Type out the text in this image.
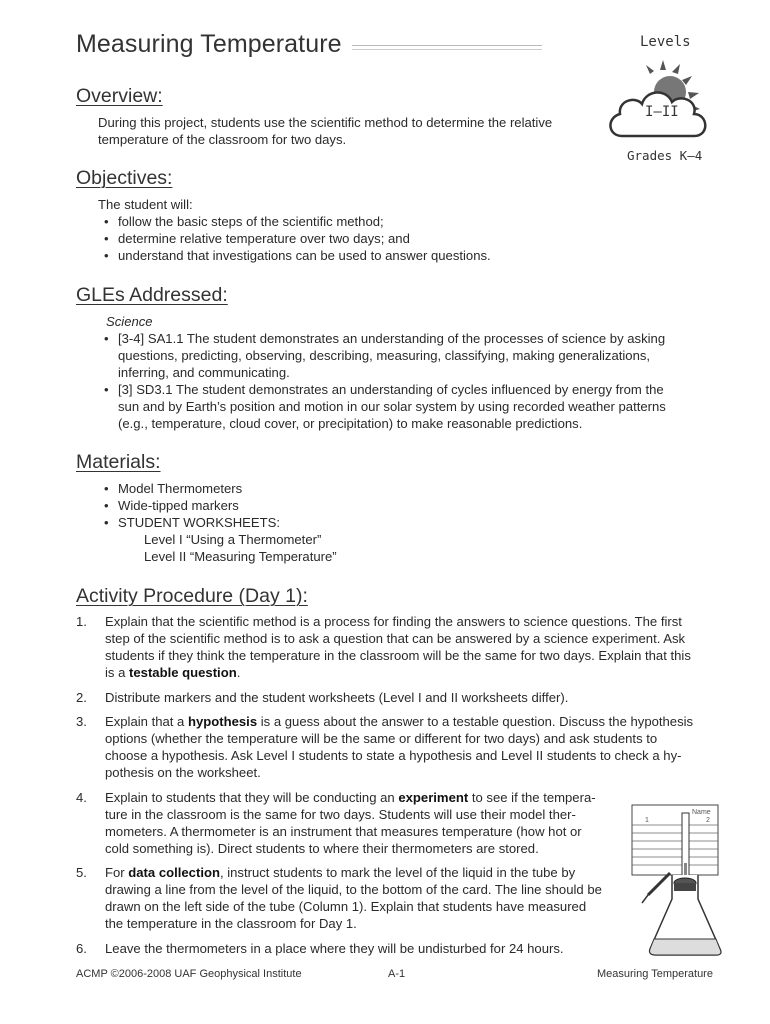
Measuring Temperature	Levels
I–II
Grades K–4
Overview:
During this project, students use the scientific method to determine the relative
temperature of the classroom for two days.
Objectives:
The student will:
• follow the basic steps of the scientific method;
• determine relative temperature over two days; and
• understand that investigations can be used to answer questions.
GLEs Addressed:
Science
• [3-4] SA1.1 The student demonstrates an understanding of the processes of science by asking
questions, predicting, observing, describing, measuring, classifying, making generalizations,
inferring, and communicating.
• [3] SD3.1 The student demonstrates an understanding of cycles influenced by energy from the
sun and by Earth’s position and motion in our solar system by using recorded weather patterns
(e.g., temperature, cloud cover, or precipitation) to make reasonable predictions.
Materials:
• Model Thermometers
• Wide-tipped markers
• STUDENT WORKSHEETS:
Level I “Using a Thermometer”
Level II “Measuring Temperature”
Activity Procedure (Day 1):
1. Explain that the scientific method is a process for finding the answers to science questions. The first
step of the scientific method is to ask a question that can be answered by a science experiment. Ask
students if they think the temperature in the classroom will be the same for two days. Explain that this
is a testable question.
2. Distribute markers and the student worksheets (Level I and II worksheets differ).
3. Explain that a hypothesis is a guess about the answer to a testable question. Discuss the hypothesis
options (whether the temperature will be the same or different for two days) and ask students to
choose a hypothesis. Ask Level I students to state a hypothesis and Level II students to check a hy-
pothesis on the worksheet.
4. Explain to students that they will be conducting an experiment to see if the tempera-
ture in the classroom is the same for two days. Students will use their model ther-
mometers. A thermometer is an instrument that measures temperature (how hot or
cold something is). Direct students to where their thermometers are stored.
5. For data collection, instruct students to mark the level of the liquid in the tube by
drawing a line from the level of the liquid, to the bottom of the card. The line should be
drawn on the left side of the tube (Column 1). Explain that students have measured
the temperature in the classroom for Day 1.
6. Leave the thermometers in a place where they will be undisturbed for 24 hours.
Name
1	2
ACMP ©2006-2008 UAF Geophysical Institute	A-1	Measuring Temperature
